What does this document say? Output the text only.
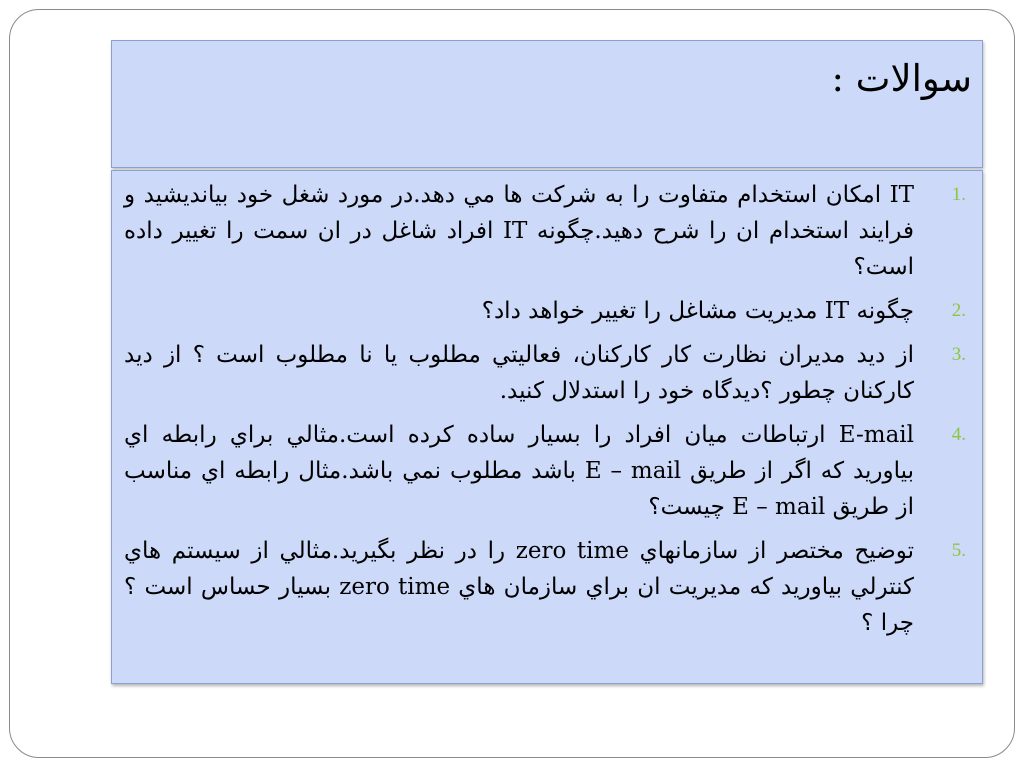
سوالات :
1.
IT امکان استخدام متفاوت را به شرکت ها مي دهد.در مورد شغل خود بیاندیشید و فرایند استخدام ان را شرح دهید.چگونه IT افراد شاغل در ان سمت را تغییر داده است؟
2.
چگونه IT مدیریت مشاغل را تغییر خواهد داد؟
3.
از دید مدیران نظارت کار کارکنان، فعاليتي مطلوب یا نا مطلوب است ؟ از دید کارکنان چطور ؟دیدگاه خود را استدلال کنید.
4.
E-mail ارتباطات میان افراد را بسیار ساده کرده است.مثالي براي رابطه اي بیاورید که اگر از طريق E – mail باشد مطلوب نمي باشد.مثال رابطه اي مناسب از طریق E – mail چیست؟
5.
توضیح مختصر از سازمانهاي zero time را در نظر بگیرید.مثالي از سیستم هاي کنترلي بیاورید که مدیریت ان براي سازمان هاي zero time بسیار حساس است ؟چرا ؟
